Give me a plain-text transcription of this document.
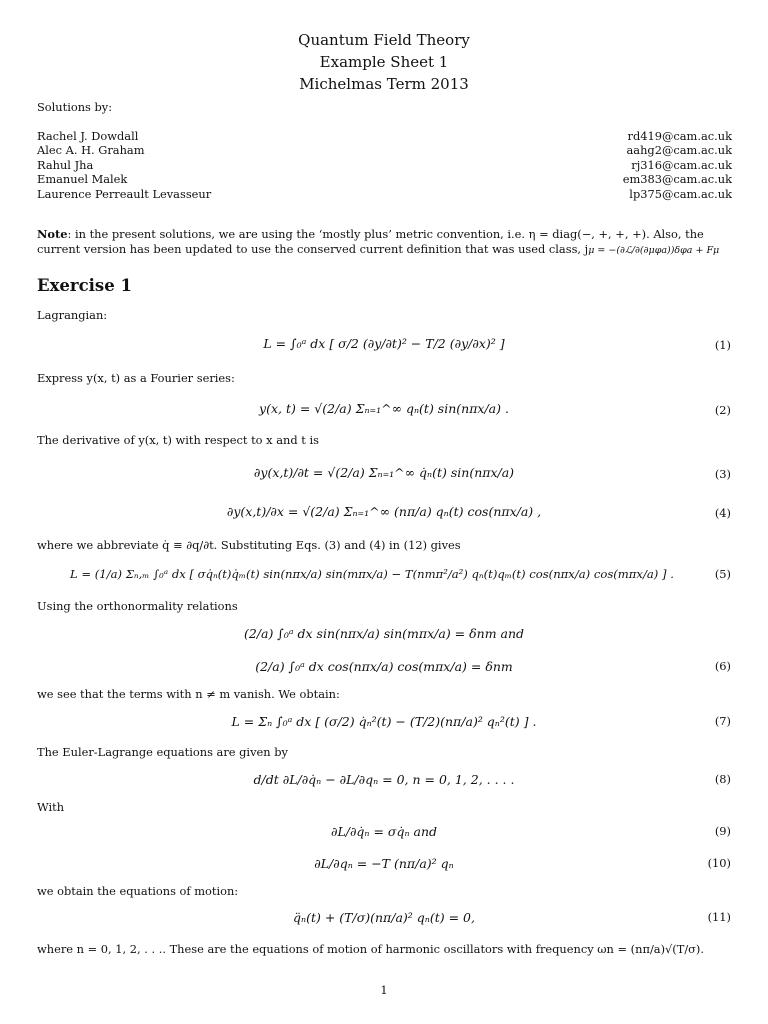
Quantum Field Theory
Example Sheet 1
Michelmas Term 2013
Solutions by:
Rachel J. Dowdall	rd419@cam.ac.uk
Alec A. H. Graham	aahg2@cam.ac.uk
Rahul Jha	rj316@cam.ac.uk
Emanuel Malek	em383@cam.ac.uk
Laurence Perreault Levasseur	lp375@cam.ac.uk
Note: in the present solutions, we are using the ‘mostly plus’ metric convention, i.e. η = diag(−, +, +, +). Also, the
current version has been updated to use the conserved current definition that was used class, jμ = −(∂ℒ/∂(∂μφa))δφa + Fμ
Exercise 1
Lagrangian:
L = ∫₀ᵃ dx [ σ/2 (∂y/∂t)² − T/2 (∂y/∂x)² ]	(1)
Express y(x, t) as a Fourier series:
y(x, t) = √(2/a) Σₙ₌₁^∞ qₙ(t) sin(nπx/a) .	(2)
The derivative of y(x, t) with respect to x and t is
∂y(x,t)/∂t = √(2/a) Σₙ₌₁^∞ q̇ₙ(t) sin(nπx/a)	(3)
∂y(x,t)/∂x = √(2/a) Σₙ₌₁^∞ (nπ/a) qₙ(t) cos(nπx/a) ,	(4)
where we abbreviate q̇ ≡ ∂q/∂t. Substituting Eqs. (3) and (4) in (12) gives
L = (1/a) Σₙ,ₘ ∫₀ᵃ dx [ σq̇ₙ(t)q̇ₘ(t) sin(nπx/a) sin(mπx/a) − T(nmπ²/a²) qₙ(t)qₘ(t) cos(nπx/a) cos(mπx/a) ] .	(5)
Using the orthonormality relations
(2/a) ∫₀ᵃ dx sin(nπx/a) sin(mπx/a) = δnm and
(2/a) ∫₀ᵃ dx cos(nπx/a) cos(mπx/a) = δnm	(6)
we see that the terms with n ≠ m vanish. We obtain:
L = Σₙ ∫₀ᵃ dx [ (σ/2) q̇ₙ²(t) − (T/2)(nπ/a)² qₙ²(t) ] .	(7)
The Euler-Lagrange equations are given by
d/dt ∂L/∂q̇ₙ − ∂L/∂qₙ = 0, n = 0, 1, 2, . . . .	(8)
With
∂L/∂q̇ₙ = σq̇ₙ and	(9)
∂L/∂qₙ = −T (nπ/a)² qₙ	(10)
we obtain the equations of motion:
q̈ₙ(t) + (T/σ)(nπ/a)² qₙ(t) = 0,	(11)
where n = 0, 1, 2, . . .. These are the equations of motion of harmonic oscillators with frequency ωn = (nπ/a)√(T/σ).
1
